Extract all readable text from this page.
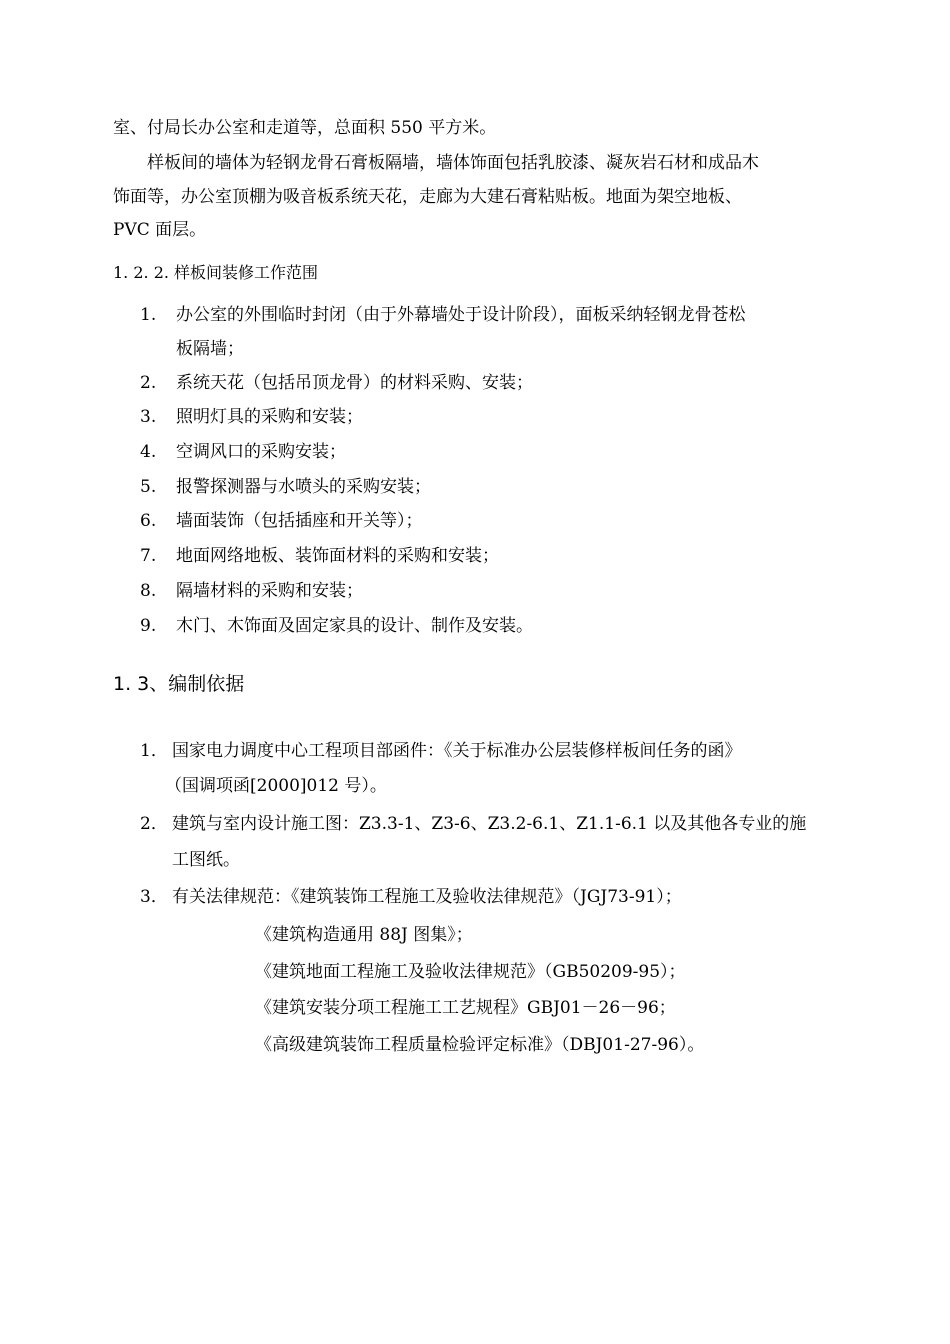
室、付局长办公室和走道等，总面积 550 平方米。
样板间的墙体为轻钢龙骨石膏板隔墙，墙体饰面包括乳胶漆、凝灰岩石材和成品木
饰面等，办公室顶棚为吸音板系统天花，走廊为大建石膏粘贴板。地面为架空地板、
PVC 面层。
1. 2. 2. 样板间装修工作范围
1. 办公室的外围临时封闭（由于外幕墙处于设计阶段），面板采纳轻钢龙骨苍松
板隔墙；
2. 系统天花（包括吊顶龙骨）的材料采购、安装；
3. 照明灯具的采购和安装；
4. 空调风口的采购安装；
5. 报警探测器与水喷头的采购安装；
6. 墙面装饰（包括插座和开关等）；
7. 地面网络地板、装饰面材料的采购和安装；
8. 隔墙材料的采购和安装；
9. 木门、木饰面及固定家具的设计、制作及安装。
1. 3、编制依据
1． 国家电力调度中心工程项目部函件：《关于标准办公层装修样板间任务的函》
（国调项函[2000]012 号）。
2． 建筑与室内设计施工图：Z3.3-1、Z3-6、Z3.2-6.1、Z1.1-6.1 以及其他各专业的施
工图纸。
3． 有关法律规范：《建筑装饰工程施工及验收法律规范》（JGJ73-91）；
《建筑构造通用 88J 图集》；
《建筑地面工程施工及验收法律规范》（GB50209-95）；
《建筑安装分项工程施工工艺规程》GBJ01－26－96；
《高级建筑装饰工程质量检验评定标准》（DBJ01-27-96）。
